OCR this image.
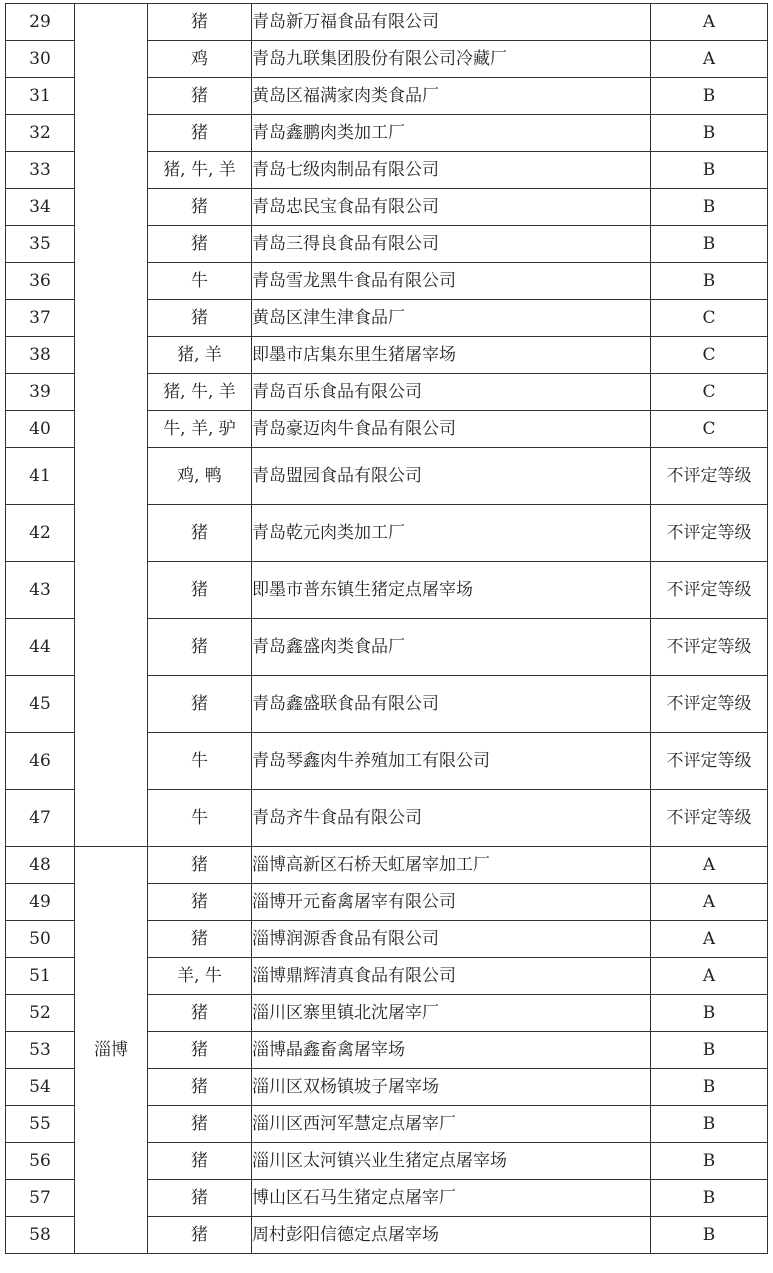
29		猪	青岛新万福食品有限公司	A
30		鸡	青岛九联集团股份有限公司冷藏厂	A
31		猪	黄岛区福满家肉类食品厂	B
32		猪	青岛鑫鹏肉类加工厂	B
33		猪, 牛, 羊	青岛七级肉制品有限公司	B
34		猪	青岛忠民宝食品有限公司	B
35		猪	青岛三得良食品有限公司	B
36		牛	青岛雪龙黑牛食品有限公司	B
37		猪	黄岛区津生津食品厂	C
38		猪, 羊	即墨市店集东里生猪屠宰场	C
39		猪, 牛, 羊	青岛百乐食品有限公司	C
40		牛, 羊, 驴	青岛豪迈肉牛食品有限公司	C
41		鸡, 鸭	青岛盟园食品有限公司	不评定等级
42		猪	青岛乾元肉类加工厂	不评定等级
43		猪	即墨市普东镇生猪定点屠宰场	不评定等级
44		猪	青岛鑫盛肉类食品厂	不评定等级
45		猪	青岛鑫盛联食品有限公司	不评定等级
46		牛	青岛琴鑫肉牛养殖加工有限公司	不评定等级
47		牛	青岛齐牛食品有限公司	不评定等级
48	淄博	猪	淄博高新区石桥天虹屠宰加工厂	A
49		猪	淄博开元畜禽屠宰有限公司	A
50		猪	淄博润源香食品有限公司	A
51		羊, 牛	淄博鼎辉清真食品有限公司	A
52		猪	淄川区寨里镇北沈屠宰厂	B
53		猪	淄博晶鑫畜禽屠宰场	B
54		猪	淄川区双杨镇坡子屠宰场	B
55		猪	淄川区西河军慧定点屠宰厂	B
56		猪	淄川区太河镇兴业生猪定点屠宰场	B
57		猪	博山区石马生猪定点屠宰厂	B
58		猪	周村彭阳信德定点屠宰场	B
